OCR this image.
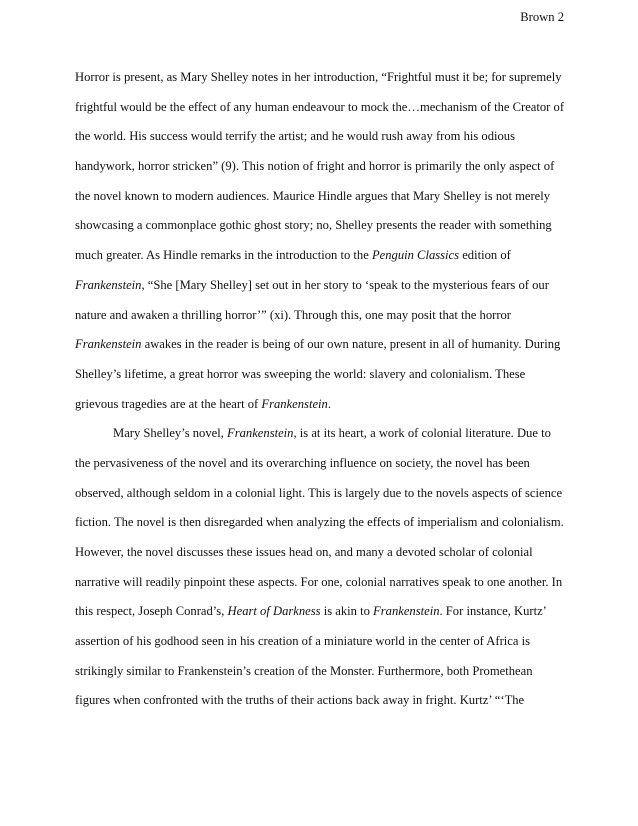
Brown 2
Horror is present, as Mary Shelley notes in her introduction, “Frightful must it be; for supremely
frightful would be the effect of any human endeavour to mock the…mechanism of the Creator of
the world. His success would terrify the artist; and he would rush away from his odious
handywork, horror stricken” (9). This notion of fright and horror is primarily the only aspect of
the novel known to modern audiences. Maurice Hindle argues that Mary Shelley is not merely
showcasing a commonplace gothic ghost story; no, Shelley presents the reader with something
much greater. As Hindle remarks in the introduction to the Penguin Classics edition of
Frankenstein, “She [Mary Shelley] set out in her story to ‘speak to the mysterious fears of our
nature and awaken a thrilling horror’” (xi). Through this, one may posit that the horror
Frankenstein awakes in the reader is being of our own nature, present in all of humanity. During
Shelley’s lifetime, a great horror was sweeping the world: slavery and colonialism. These
grievous tragedies are at the heart of Frankenstein.
Mary Shelley’s novel, Frankenstein, is at its heart, a work of colonial literature. Due to
the pervasiveness of the novel and its overarching influence on society, the novel has been
observed, although seldom in a colonial light. This is largely due to the novels aspects of science
fiction. The novel is then disregarded when analyzing the effects of imperialism and colonialism.
However, the novel discusses these issues head on, and many a devoted scholar of colonial
narrative will readily pinpoint these aspects. For one, colonial narratives speak to one another. In
this respect, Joseph Conrad’s, Heart of Darkness is akin to Frankenstein. For instance, Kurtz’
assertion of his godhood seen in his creation of a miniature world in the center of Africa is
strikingly similar to Frankenstein’s creation of the Monster. Furthermore, both Promethean
figures when confronted with the truths of their actions back away in fright. Kurtz’ “‘The
